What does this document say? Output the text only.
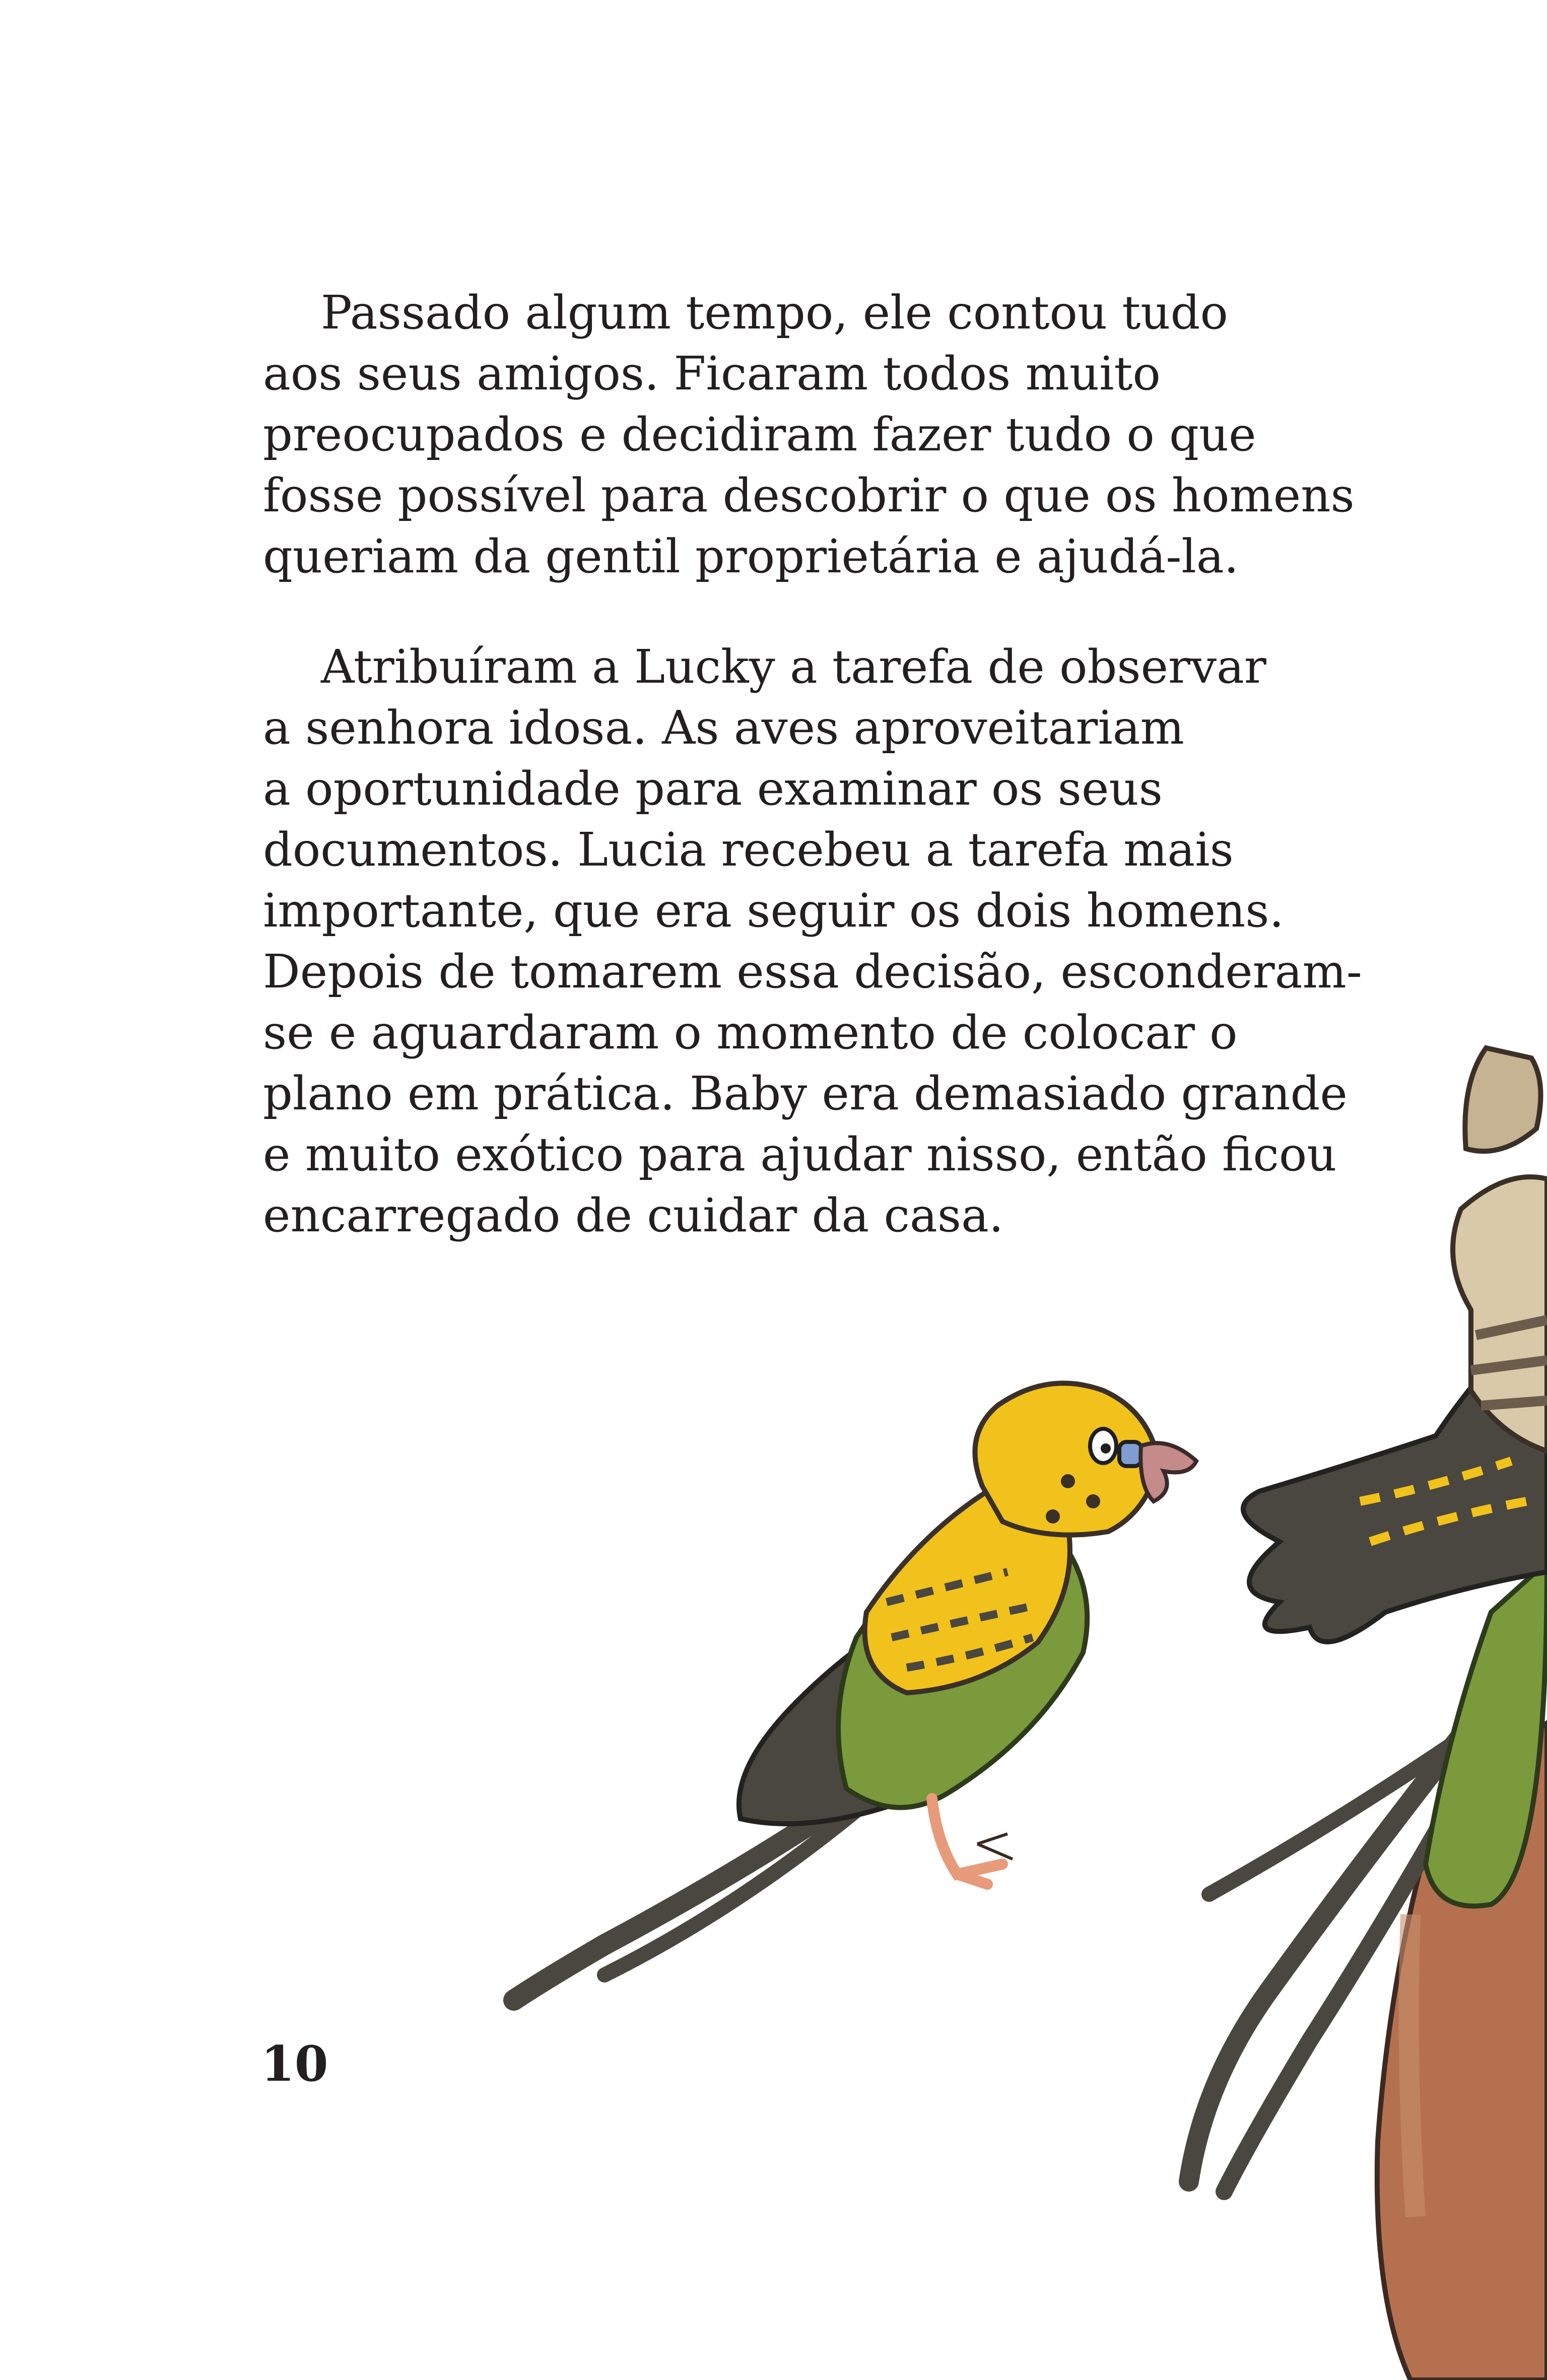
Passado algum tempo, ele contou tudo
aos seus amigos. Ficaram todos muito
preocupados e decidiram fazer tudo o que
fosse possível para descobrir o que os homens
queriam da gentil proprietária e ajudá-la.

Atribuíram a Lucky a tarefa de observar
a senhora idosa. As aves aproveitariam
a oportunidade para examinar os seus
documentos. Lucia recebeu a tarefa mais
importante, que era seguir os dois homens.
Depois de tomarem essa decisão, esconderam-
se e aguardaram o momento de colocar o
plano em prática. Baby era demasiado grande
e muito exótico para ajudar nisso, então ficou
encarregado de cuidar da casa.

10
